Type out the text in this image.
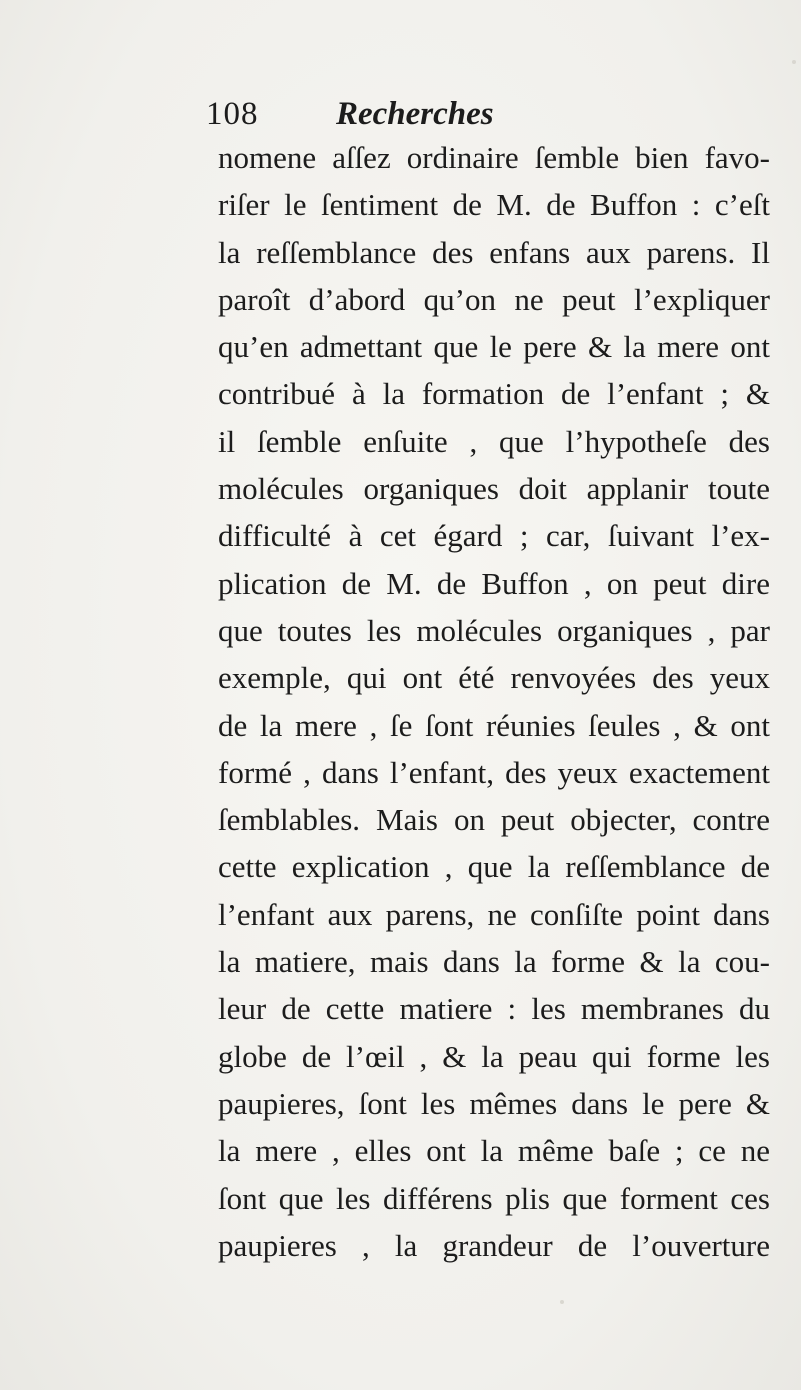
108 Recherches
nomene aſſez ordinaire ſemble bien favo-
riſer le ſentiment de M. de Buffon : c’eſt
la reſſemblance des enfans aux parens. Il
paroît d’abord qu’on ne peut l’expliquer
qu’en admettant que le pere & la mere ont
contribué à la formation de l’enfant ; &
il ſemble enſuite , que l’hypotheſe des
molécules organiques doit applanir toute
difficulté à cet égard ; car, ſuivant l’ex-
plication de M. de Buffon , on peut dire
que toutes les molécules organiques , par
exemple, qui ont été renvoyées des yeux
de la mere , ſe ſont réunies ſeules , & ont
formé , dans l’enfant, des yeux exactement
ſemblables. Mais on peut objecter, contre
cette explication , que la reſſemblance de
l’enfant aux parens, ne conſiſte point dans
la matiere, mais dans la forme & la cou-
leur de cette matiere : les membranes du
globe de l’œil , & la peau qui forme les
paupieres, ſont les mêmes dans le pere &
la mere , elles ont la même baſe ; ce ne
ſont que les différens plis que forment ces
paupieres , la grandeur de l’ouverture
